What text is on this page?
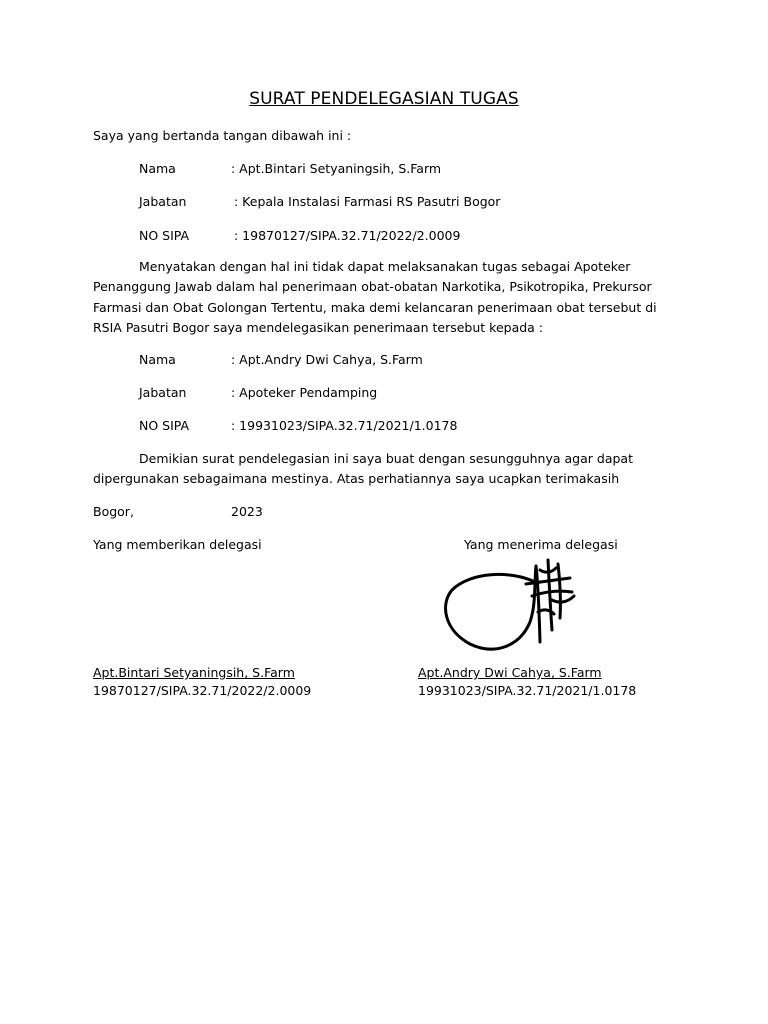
SURAT PENDELEGASIAN TUGAS
Saya yang bertanda tangan dibawah ini :
Nama	: Apt.Bintari Setyaningsih, S.Farm
Jabatan	: Kepala Instalasi Farmasi RS Pasutri Bogor
NO SIPA	: 19870127/SIPA.32.71/2022/2.0009
Menyatakan dengan hal ini tidak dapat melaksanakan tugas sebagai Apoteker
Penanggung Jawab dalam hal penerimaan obat-obatan Narkotika, Psikotropika, Prekursor
Farmasi dan Obat Golongan Tertentu, maka demi kelancaran penerimaan obat tersebut di
RSIA Pasutri Bogor saya mendelegasikan penerimaan tersebut kepada :
Nama	: Apt.Andry Dwi Cahya, S.Farm
Jabatan	: Apoteker Pendamping
NO SIPA	: 19931023/SIPA.32.71/2021/1.0178
Demikian surat pendelegasian ini saya buat dengan sesungguhnya agar dapat
dipergunakan sebagaimana mestinya. Atas perhatiannya saya ucapkan terimakasih
Bogor,	2023
Yang memberikan delegasi	Yang menerima delegasi
Apt.Bintari Setyaningsih, S.Farm
19870127/SIPA.32.71/2022/2.0009
Apt.Andry Dwi Cahya, S.Farm
19931023/SIPA.32.71/2021/1.0178
